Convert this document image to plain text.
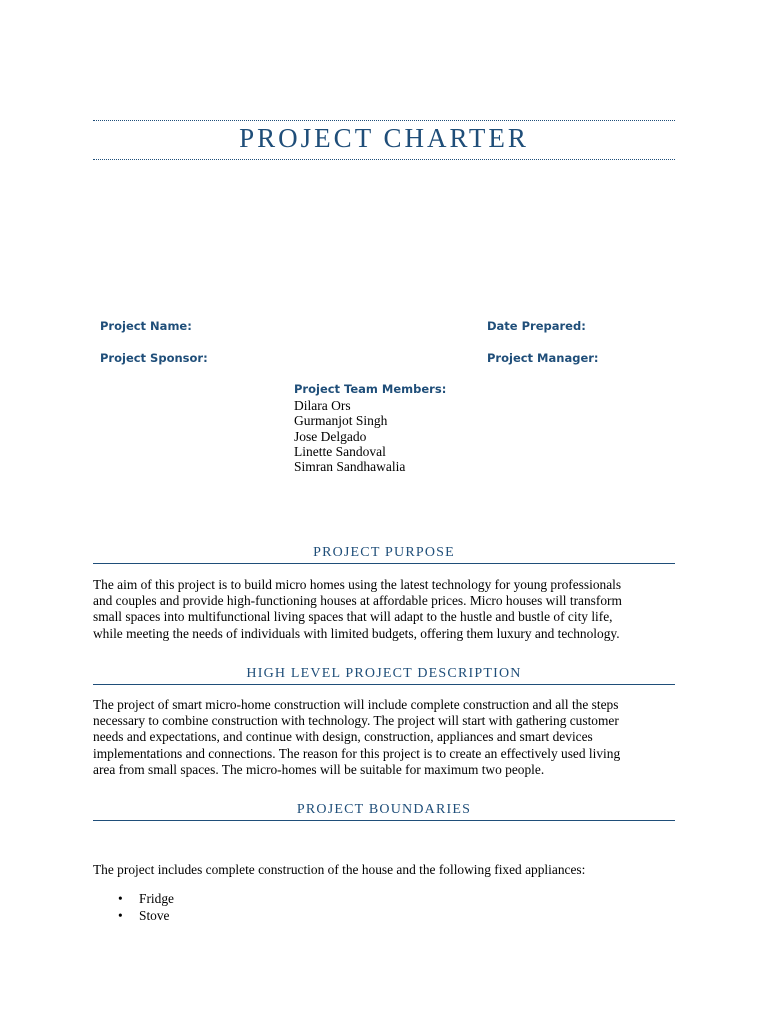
PROJECT CHARTER
Project Name:	Date Prepared:
Project Sponsor:	Project Manager:
Project Team Members:
Dilara Ors
Gurmanjot Singh
Jose Delgado
Linette Sandoval
Simran Sandhawalia
PROJECT PURPOSE

The aim of this project is to build micro homes using the latest technology for young professionals
and couples and provide high-functioning houses at affordable prices. Micro houses will transform
small spaces into multifunctional living spaces that will adapt to the hustle and bustle of city life,
while meeting the needs of individuals with limited budgets, offering them luxury and technology.

HIGH LEVEL PROJECT DESCRIPTION

The project of smart micro-home construction will include complete construction and all the steps
necessary to combine construction with technology. The project will start with gathering customer
needs and expectations, and continue with design, construction, appliances and smart devices
implementations and connections. The reason for this project is to create an effectively used living
area from small spaces. The micro-homes will be suitable for maximum two people.

PROJECT BOUNDARIES

The project includes complete construction of the house and the following fixed appliances:

• Fridge
• Stove
